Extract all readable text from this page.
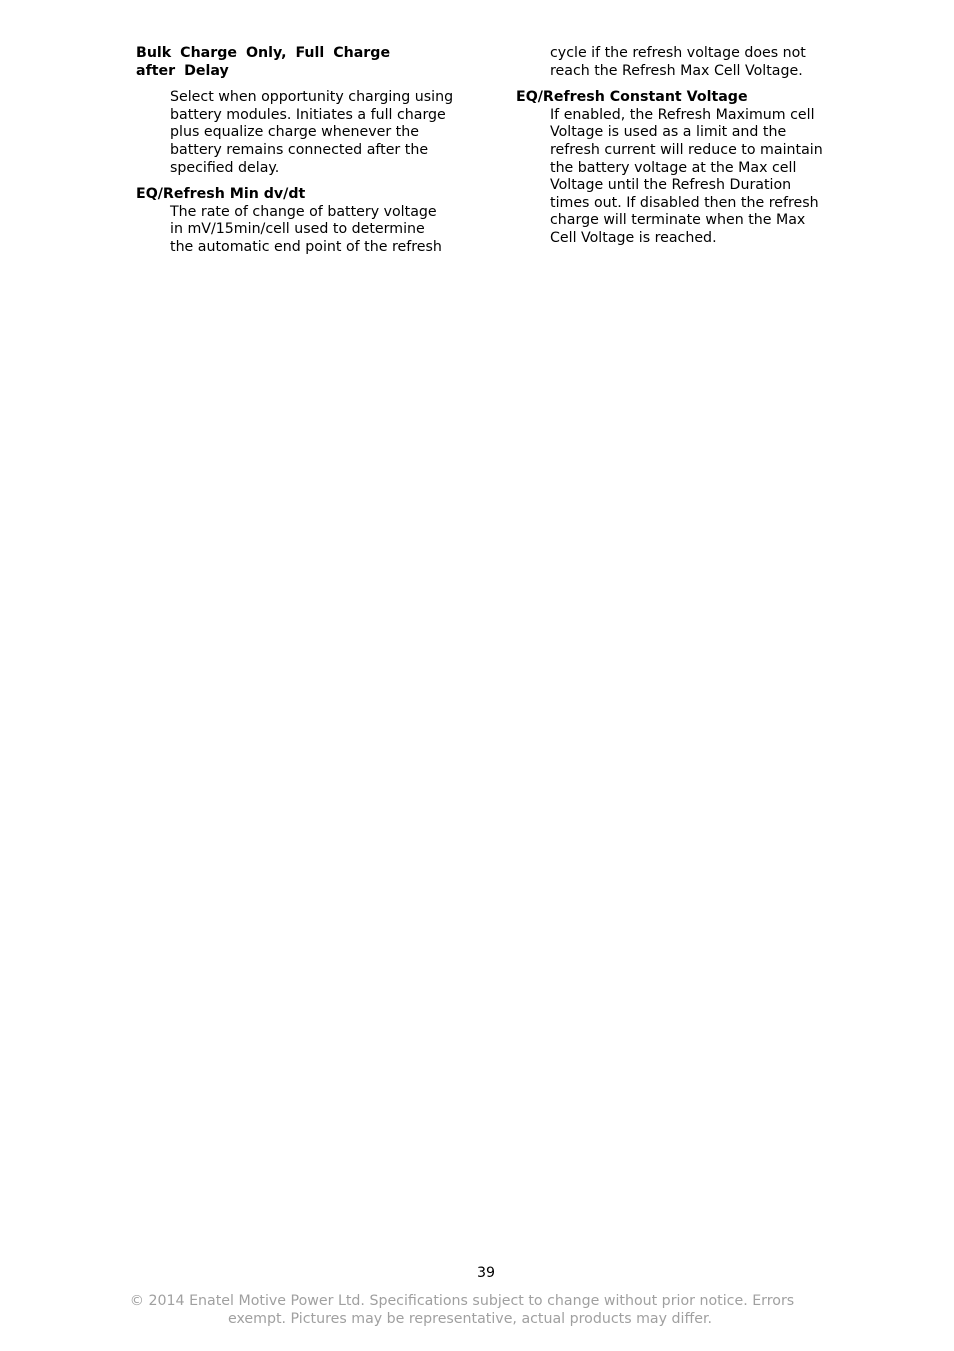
Bulk Charge Only, Full Charge
after Delay

Select when opportunity charging using
battery modules. Initiates a full charge
plus equalize charge whenever the
battery remains connected after the
specified delay.

EQ/Refresh Min dv/dt

The rate of change of battery voltage
in mV/15min/cell used to determine
the automatic end point of the refresh

cycle if the refresh voltage does not
reach the Refresh Max Cell Voltage.

EQ/Refresh Constant Voltage

If enabled, the Refresh Maximum cell
Voltage is used as a limit and the
refresh current will reduce to maintain
the battery voltage at the Max cell
Voltage until the Refresh Duration
times out. If disabled then the refresh
charge will terminate when the Max
Cell Voltage is reached.

39
© 2014 Enatel Motive Power Ltd. Specifications subject to change without prior notice. Errors
exempt. Pictures may be representative, actual products may differ.
